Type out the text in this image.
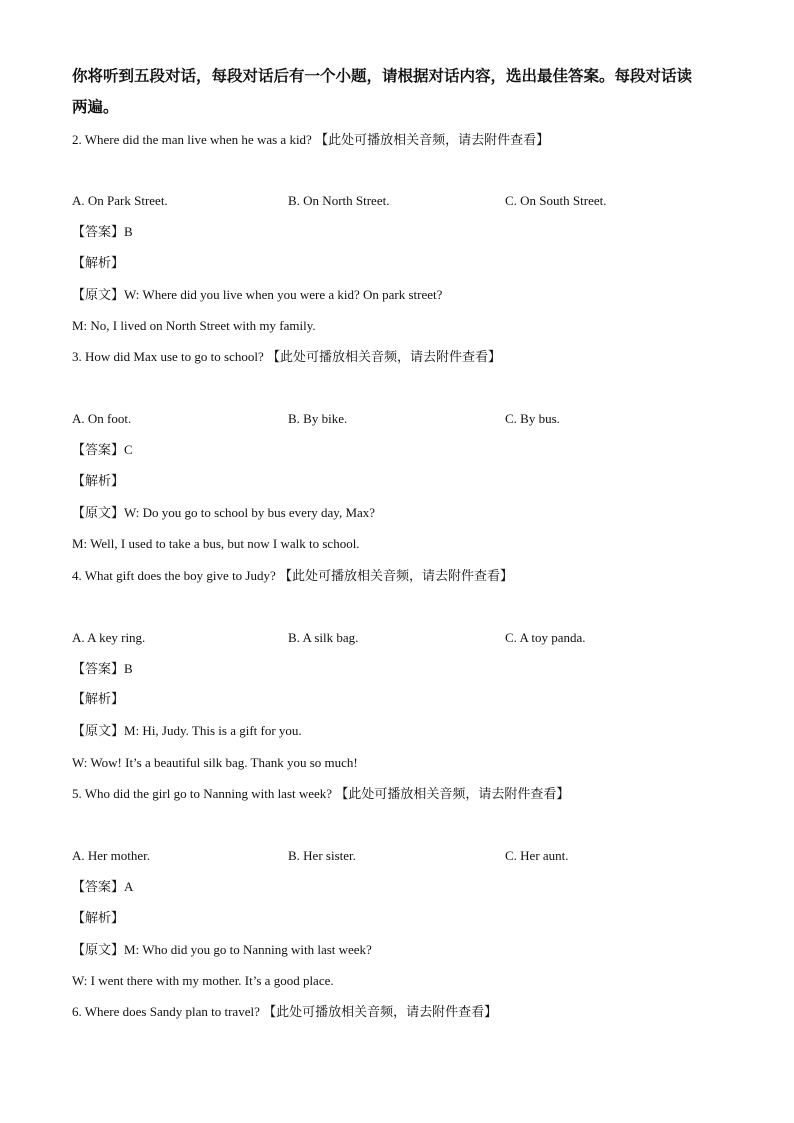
你将听到五段对话，每段对话后有一个小题，请根据对话内容，选出最佳答案。每段对话读
两遍。
2. Where did the man live when he was a kid? 【此处可播放相关音频，请去附件查看】
A. On Park Street.	B. On North Street.	C. On South Street.
【答案】B
【解析】
【原文】W: Where did you live when you were a kid? On park street?
M: No, I lived on North Street with my family.
3. How did Max use to go to school? 【此处可播放相关音频，请去附件查看】
A. On foot.	B. By bike.	C. By bus.
【答案】C
【解析】
【原文】W: Do you go to school by bus every day, Max?
M: Well, I used to take a bus, but now I walk to school.
4. What gift does the boy give to Judy? 【此处可播放相关音频，请去附件查看】
A. A key ring.	B. A silk bag.	C. A toy panda.
【答案】B
【解析】
【原文】M: Hi, Judy. This is a gift for you.
W: Wow! It’s a beautiful silk bag. Thank you so much!
5. Who did the girl go to Nanning with last week? 【此处可播放相关音频，请去附件查看】
A. Her mother.	B. Her sister.	C. Her aunt.
【答案】A
【解析】
【原文】M: Who did you go to Nanning with last week?
W: I went there with my mother. It’s a good place.
6. Where does Sandy plan to travel? 【此处可播放相关音频，请去附件查看】
